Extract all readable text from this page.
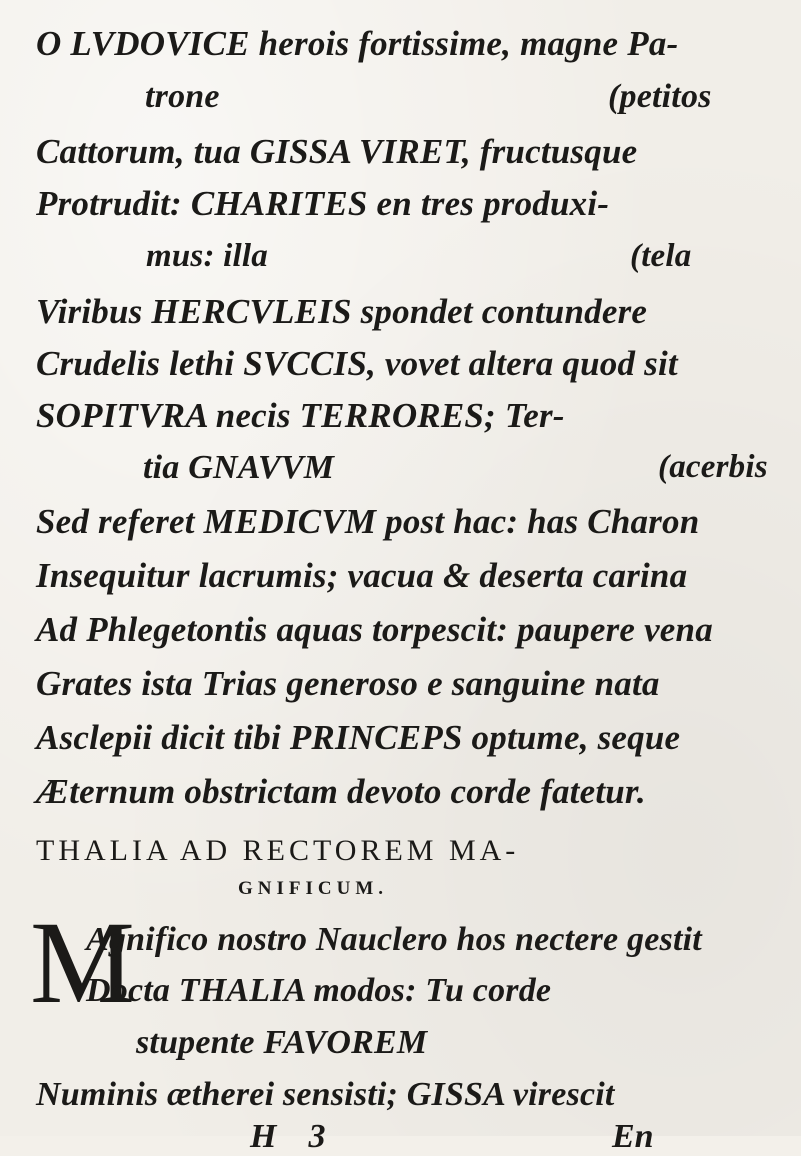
O LVDOVICE herois fortissime, magne Pa-
trone	(petitos
Cattorum, tua GISSA VIRET, fructusque
Protrudit: CHARITES en tres produxi-
mus: illa	(tela
Viribus HERCVLEIS spondet contundere
Crudelis lethi SVCCIS, vovet altera quod sit
SOPITVRA necis TERRORES; Ter-
tia GNAVVM	(acerbis
Sed referet MEDICVM post hac: has Charon
Insequitur lacrumis; vacua & deserta carina
Ad Phlegetontis aquas torpescit: paupere vena
Grates ista Trias generoso e sanguine nata
Asclepii dicit tibi PRINCEPS optume, seque
Æternum obstrictam devoto corde fatetur.
THALIA AD RECTOREM MA-
GNIFICUM.
M
Agnifico nostro Nauclero hos nectere gestit
Docta THALIA modos: Tu corde
stupente FAVOREM
Numinis ætherei sensisti; GISSA virescit
H 3	En
